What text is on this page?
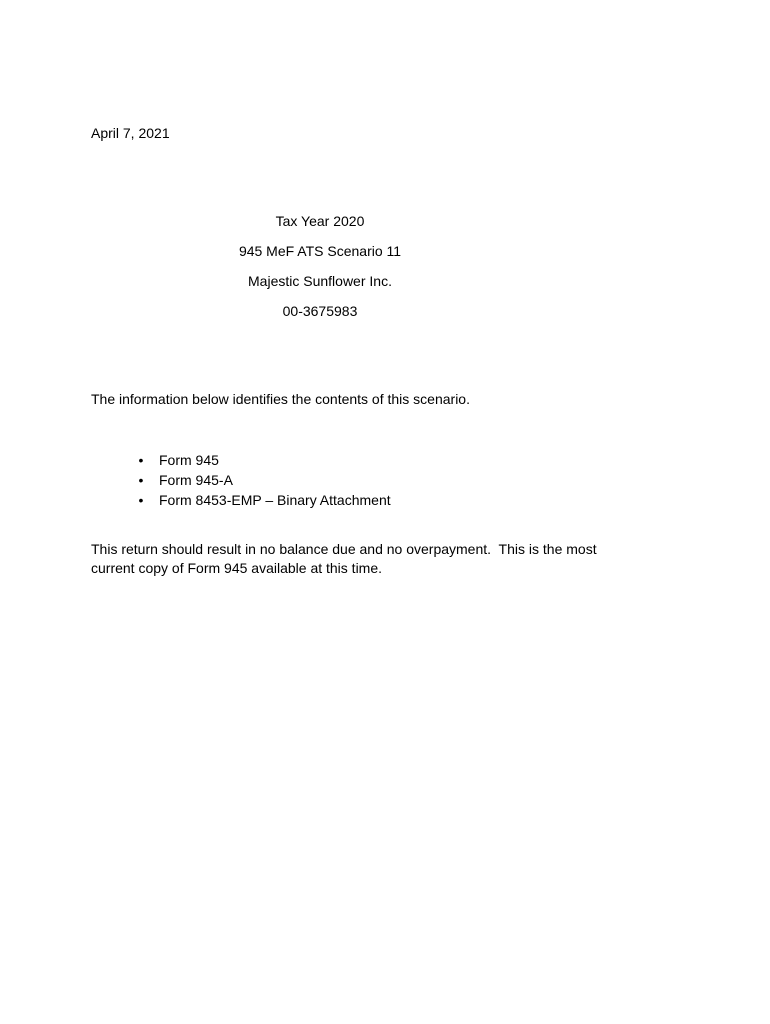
April 7, 2021

Tax Year 2020

945 MeF ATS Scenario 11

Majestic Sunflower Inc.

00-3675983

The information below identifies the contents of this scenario.

• Form 945
• Form 945-A
• Form 8453-EMP – Binary Attachment

This return should result in no balance due and no overpayment.  This is the most
current copy of Form 945 available at this time.
